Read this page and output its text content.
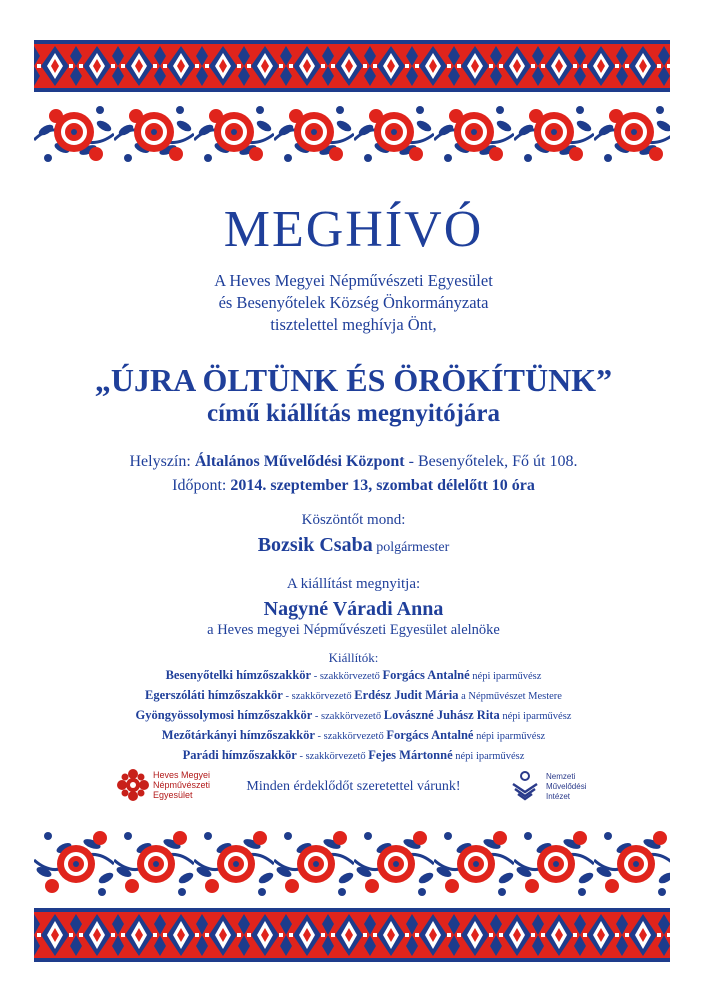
MEGHÍVÓ
A Heves Megyei Népművészeti Egyesület
és Besenyőtelek Község Önkormányzata
tisztelettel meghívja Önt,
„ÚJRA ÖLTÜNK ÉS ÖRÖKÍTÜNK”
című kiállítás megnyitójára
Helyszín: Általános Művelődési Központ - Besenyőtelek, Fő út 108.
Időpont: 2014. szeptember 13, szombat délelőtt 10 óra
Köszöntőt mond:
Bozsik Csaba polgármester
A kiállítást megnyitja:
Nagyné Váradi Anna
a Heves megyei Népművészeti Egyesület alelnöke
Kiállítók:
Besenyőtelki hímzőszakkör - szakkörvezető Forgács Antalné népi iparművész
Egerszóláti hímzőszakkör - szakkörvezető Erdész Judit Mária a Népművészet Mestere
Gyöngyössolymosi hímzőszakkör - szakkörvezető Lovászné Juhász Rita népi iparművész
Mezőtárkányi hímzőszakkör - szakkörvezető Forgács Antalné népi iparművész
Parádi hímzőszakkör - szakkörvezető Fejes Mártonné népi iparművész
Heves Megyei
Népművészeti
Egyesület
Minden érdeklődőt szeretettel várunk!
Nemzeti
Művelődési
Intézet
